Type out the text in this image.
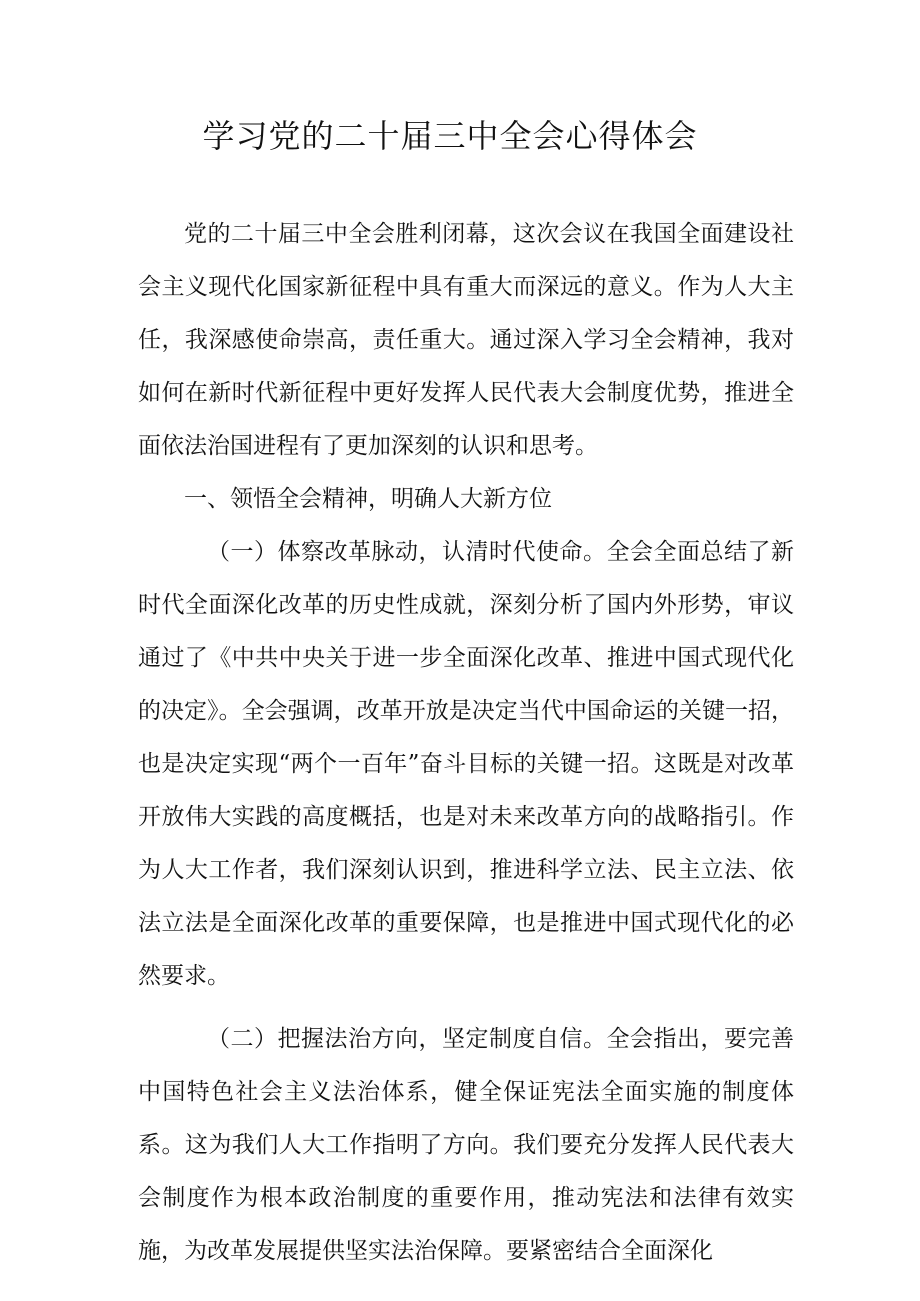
学习党的二十届三中全会心得体会

党的二十届三中全会胜利闭幕，这次会议在我国全面建设社会主义现代化国家新征程中具有重大而深远的意义。作为人大主任，我深感使命崇高，责任重大。通过深入学习全会精神，我对如何在新时代新征程中更好发挥人民代表大会制度优势，推进全面依法治国进程有了更加深刻的认识和思考。

一、领悟全会精神，明确人大新方位

（一）体察改革脉动，认清时代使命。全会全面总结了新时代全面深化改革的历史性成就，深刻分析了国内外形势，审议通过了《中共中央关于进一步全面深化改革、推进中国式现代化的决定》。全会强调，改革开放是决定当代中国命运的关键一招，也是决定实现“两个一百年”奋斗目标的关键一招。这既是对改革开放伟大实践的高度概括，也是对未来改革方向的战略指引。作为人大工作者，我们深刻认识到，推进科学立法、民主立法、依法立法是全面深化改革的重要保障，也是推进中国式现代化的必然要求。

（二）把握法治方向，坚定制度自信。全会指出，要完善中国特色社会主义法治体系，健全保证宪法全面实施的制度体系。这为我们人大工作指明了方向。我们要充分发挥人民代表大会制度作为根本政治制度的重要作用，推动宪法和法律有效实施，为改革发展提供坚实法治保障。要紧密结合全面深化
